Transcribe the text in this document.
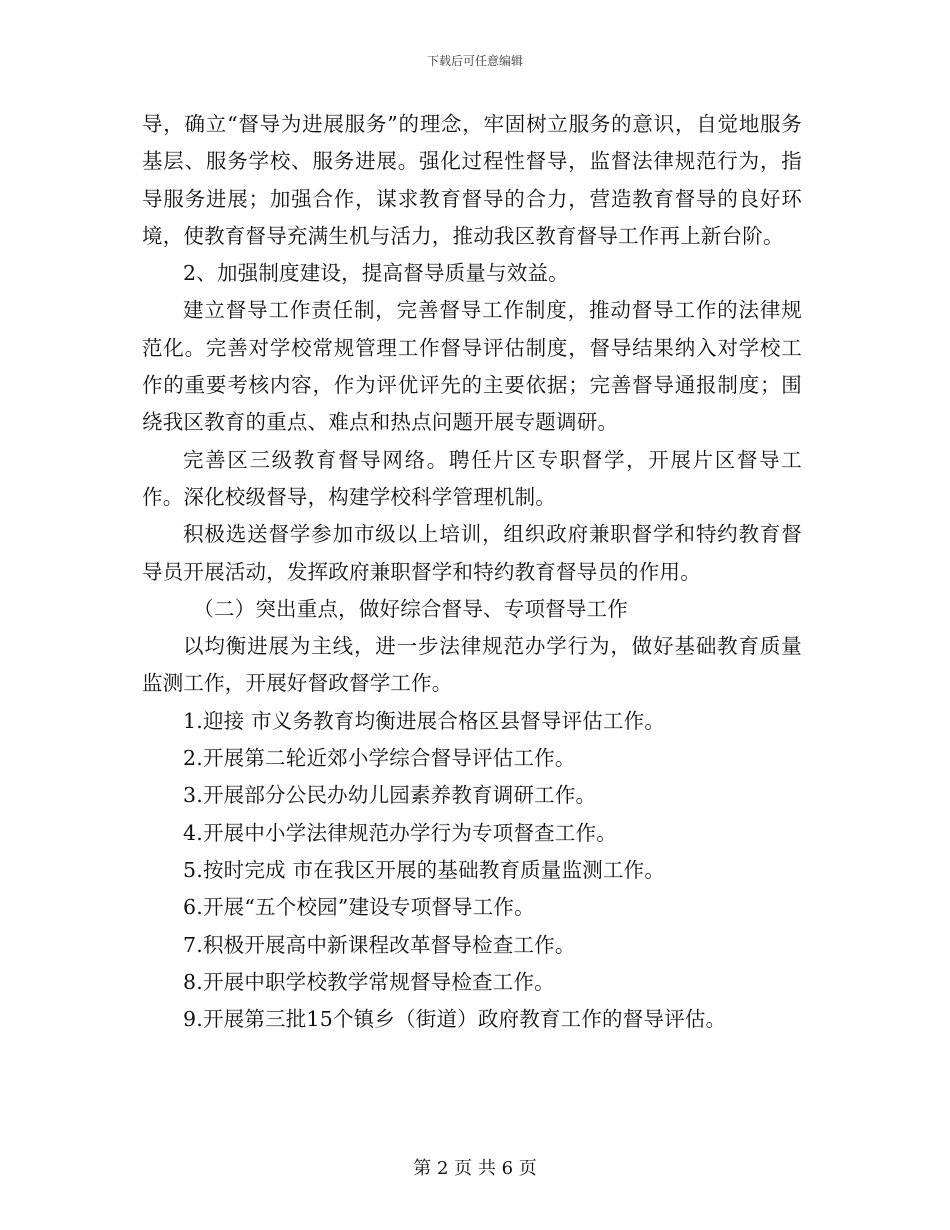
下载后可任意编辑

导，确立“督导为进展服务”的理念，牢固树立服务的意识，自觉地服务基层、服务学校、服务进展。强化过程性督导，监督法律规范行为，指导服务进展；加强合作，谋求教育督导的合力，营造教育督导的良好环境，使教育督导充满生机与活力，推动我区教育督导工作再上新台阶。

2、加强制度建设，提高督导质量与效益。

建立督导工作责任制，完善督导工作制度，推动督导工作的法律规范化。完善对学校常规管理工作督导评估制度，督导结果纳入对学校工作的重要考核内容，作为评优评先的主要依据；完善督导通报制度；围绕我区教育的重点、难点和热点问题开展专题调研。

完善区三级教育督导网络。聘任片区专职督学，开展片区督导工作。深化校级督导，构建学校科学管理机制。

积极选送督学参加市级以上培训，组织政府兼职督学和特约教育督导员开展活动，发挥政府兼职督学和特约教育督导员的作用。

（二）突出重点，做好综合督导、专项督导工作

以均衡进展为主线，进一步法律规范办学行为，做好基础教育质量监测工作，开展好督政督学工作。

1.迎接 市义务教育均衡进展合格区县督导评估工作。

2.开展第二轮近郊小学综合督导评估工作。

3.开展部分公民办幼儿园素养教育调研工作。

4.开展中小学法律规范办学行为专项督查工作。

5.按时完成 市在我区开展的基础教育质量监测工作。

6.开展“五个校园”建设专项督导工作。

7.积极开展高中新课程改革督导检查工作。

8.开展中职学校教学常规督导检查工作。

9.开展第三批15个镇乡（街道）政府教育工作的督导评估。

第 2 页 共 6 页
